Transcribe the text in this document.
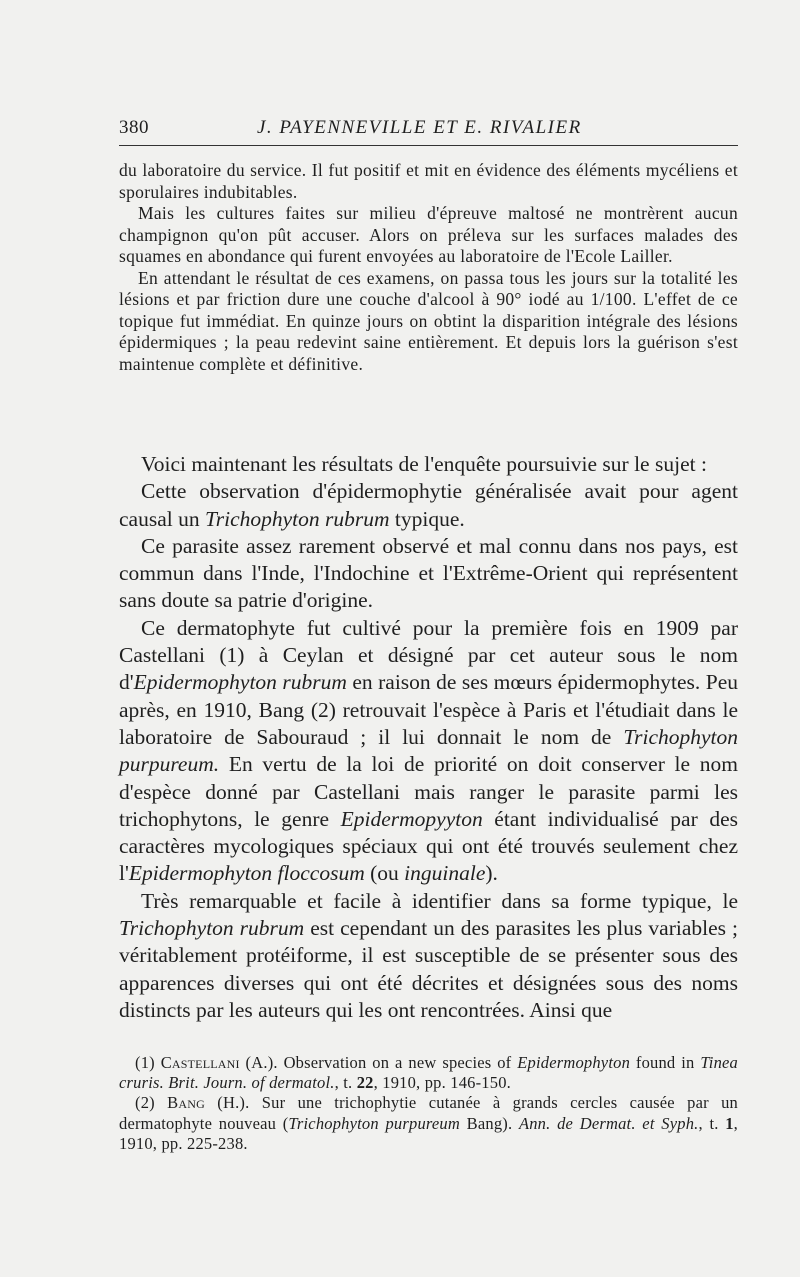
380	J. PAYENNEVILLE ET E. RIVALIER

du laboratoire du service. Il fut positif et mit en évidence des éléments mycéliens et sporulaires indubitables.

Mais les cultures faites sur milieu d'épreuve maltosé ne montrèrent aucun champignon qu'on pût accuser. Alors on préleva sur les surfaces malades des squames en abondance qui furent envoyées au laboratoire de l'Ecole Lailler.

En attendant le résultat de ces examens, on passa tous les jours sur la totalité les lésions et par friction dure une couche d'alcool à 90° iodé au 1/100. L'effet de ce topique fut immédiat. En quinze jours on obtint la disparition intégrale des lésions épidermiques ; la peau redevint saine entièrement. Et depuis lors la guérison s'est maintenue complète et définitive.

Voici maintenant les résultats de l'enquête poursuivie sur le sujet :

Cette observation d'épidermophytie généralisée avait pour agent causal un Trichophyton rubrum typique.

Ce parasite assez rarement observé et mal connu dans nos pays, est commun dans l'Inde, l'Indochine et l'Extrême-Orient qui représentent sans doute sa patrie d'origine.

Ce dermatophyte fut cultivé pour la première fois en 1909 par Castellani (1) à Ceylan et désigné par cet auteur sous le nom d'Epidermophyton rubrum en raison de ses mœurs épidermophytes. Peu après, en 1910, Bang (2) retrouvait l'espèce à Paris et l'étudiait dans le laboratoire de Sabouraud ; il lui donnait le nom de Trichophyton purpureum. En vertu de la loi de priorité on doit conserver le nom d'espèce donné par Castellani mais ranger le parasite parmi les trichophytons, le genre Epidermopyyton étant individualisé par des caractères mycologiques spéciaux qui ont été trouvés seulement chez l'Epidermophyton floccosum (ou inguinale).

Très remarquable et facile à identifier dans sa forme typique, le Trichophyton rubrum est cependant un des parasites les plus variables ; véritablement protéiforme, il est susceptible de se présenter sous des apparences diverses qui ont été décrites et désignées sous des noms distincts par les auteurs qui les ont rencontrées. Ainsi que

(1) Castellani (A.). Observation on a new species of Epidermophyton found in Tinea cruris. Brit. Journ. of dermatol., t. 22, 1910, pp. 146-150.

(2) Bang (H.). Sur une trichophytie cutanée à grands cercles causée par un dermatophyte nouveau (Trichophyton purpureum Bang). Ann. de Dermat. et Syph., t. 1, 1910, pp. 225-238.
